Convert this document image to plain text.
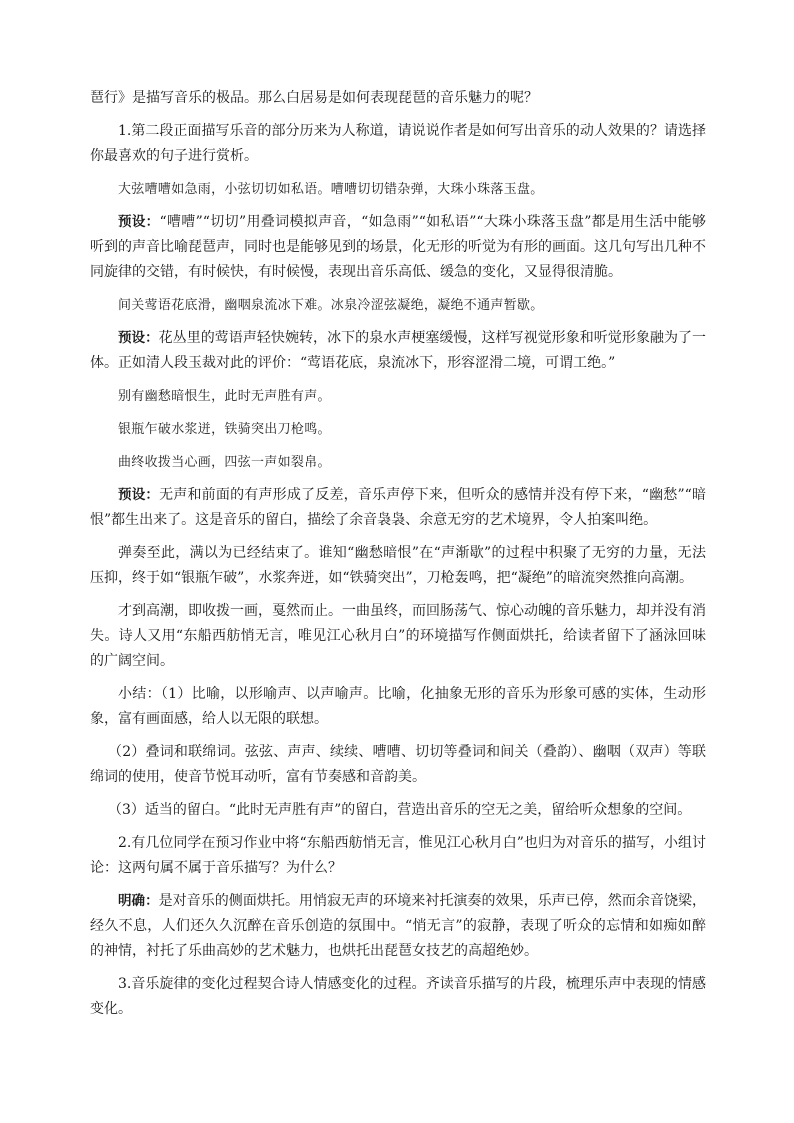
琶行》是描写音乐的极品。那么白居易是如何表现琵琶的音乐魅力的呢？

1.第二段正面描写乐音的部分历来为人称道，请说说作者是如何写出音乐的动人效果的？请选择你最喜欢的句子进行赏析。

大弦嘈嘈如急雨，小弦切切如私语。嘈嘈切切错杂弹，大珠小珠落玉盘。

预设：“嘈嘈”“切切”用叠词模拟声音，“如急雨”“如私语”“大珠小珠落玉盘”都是用生活中能够听到的声音比喻琵琶声，同时也是能够见到的场景，化无形的听觉为有形的画面。这几句写出几种不同旋律的交错，有时候快，有时候慢，表现出音乐高低、缓急的变化，又显得很清脆。

间关莺语花底滑，幽咽泉流冰下难。冰泉冷涩弦凝绝，凝绝不通声暂歇。

预设：花丛里的莺语声轻快婉转，冰下的泉水声梗塞缓慢，这样写视觉形象和听觉形象融为了一体。正如清人段玉裁对此的评价：“莺语花底，泉流冰下，形容涩滑二境，可谓工绝。”

别有幽愁暗恨生，此时无声胜有声。

银瓶乍破水浆迸，铁骑突出刀枪鸣。

曲终收拨当心画，四弦一声如裂帛。

预设：无声和前面的有声形成了反差，音乐声停下来，但听众的感情并没有停下来，“幽愁”“暗恨”都生出来了。这是音乐的留白，描绘了余音袅袅、余意无穷的艺术境界，令人拍案叫绝。

弹奏至此，满以为已经结束了。谁知“幽愁暗恨”在“声渐歇”的过程中积聚了无穷的力量，无法压抑，终于如“银瓶乍破”，水浆奔迸，如“铁骑突出”，刀枪轰鸣，把“凝绝”的暗流突然推向高潮。

才到高潮，即收拨一画，戛然而止。一曲虽终，而回肠荡气、惊心动魄的音乐魅力，却并没有消失。诗人又用“东船西舫悄无言，唯见江心秋月白”的环境描写作侧面烘托，给读者留下了涵泳回味的广阔空间。

小结：（1）比喻，以形喻声、以声喻声。比喻，化抽象无形的音乐为形象可感的实体，生动形象，富有画面感，给人以无限的联想。

（2）叠词和联绵词。弦弦、声声、续续、嘈嘈、切切等叠词和间关（叠韵）、幽咽（双声）等联绵词的使用，使音节悦耳动听，富有节奏感和音韵美。

（3）适当的留白。“此时无声胜有声”的留白，营造出音乐的空无之美，留给听众想象的空间。

2.有几位同学在预习作业中将“东船西舫悄无言，惟见江心秋月白”也归为对音乐的描写，小组讨论：这两句属不属于音乐描写？为什么？

明确：是对音乐的侧面烘托。用悄寂无声的环境来衬托演奏的效果，乐声已停，然而余音饶梁，经久不息，人们还久久沉醉在音乐创造的氛围中。“悄无言”的寂静，表现了听众的忘情和如痴如醉的神情，衬托了乐曲高妙的艺术魅力，也烘托出琵琶女技艺的高超绝妙。

3.音乐旋律的变化过程契合诗人情感变化的过程。齐读音乐描写的片段，梳理乐声中表现的情感变化。
